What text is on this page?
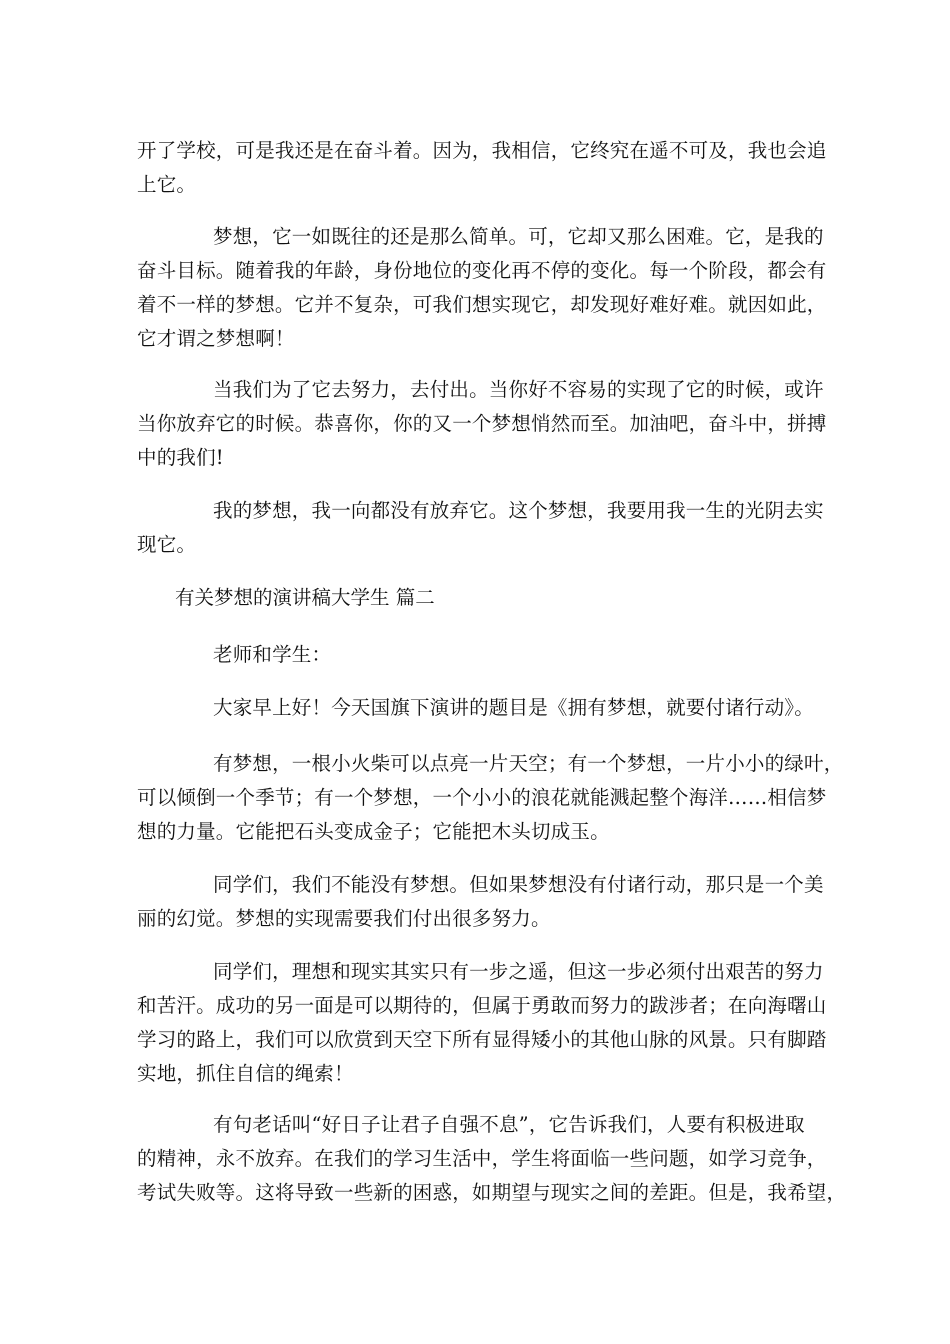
开了学校，可是我还是在奋斗着。因为，我相信，它终究在遥不可及，我也会追
上它。
梦想，它一如既往的还是那么简单。可，它却又那么困难。它，是我的
奋斗目标。随着我的年龄，身份地位的变化再不停的变化。每一个阶段，都会有
着不一样的梦想。它并不复杂，可我们想实现它，却发现好难好难。就因如此，
它才谓之梦想啊！
当我们为了它去努力，去付出。当你好不容易的实现了它的时候，或许
当你放弃它的时候。恭喜你，你的又一个梦想悄然而至。加油吧，奋斗中，拼搏
中的我们!
我的梦想，我一向都没有放弃它。这个梦想，我要用我一生的光阴去实
现它。
有关梦想的演讲稿大学生 篇二
老师和学生：
大家早上好！今天国旗下演讲的题目是《拥有梦想，就要付诸行动》。
有梦想，一根小火柴可以点亮一片天空；有一个梦想，一片小小的绿叶，
可以倾倒一个季节；有一个梦想，一个小小的浪花就能溅起整个海洋……相信梦
想的力量。它能把石头变成金子；它能把木头切成玉。
同学们，我们不能没有梦想。但如果梦想没有付诸行动，那只是一个美
丽的幻觉。梦想的实现需要我们付出很多努力。
同学们，理想和现实其实只有一步之遥，但这一步必须付出艰苦的努力
和苦汗。成功的另一面是可以期待的，但属于勇敢而努力的跋涉者；在向海曙山
学习的路上，我们可以欣赏到天空下所有显得矮小的其他山脉的风景。只有脚踏
实地，抓住自信的绳索！
有句老话叫“好日子让君子自强不息”，它告诉我们，人要有积极进取
的精神，永不放弃。在我们的学习生活中，学生将面临一些问题，如学习竞争，
考试失败等。这将导致一些新的困惑，如期望与现实之间的差距。但是，我希望，
